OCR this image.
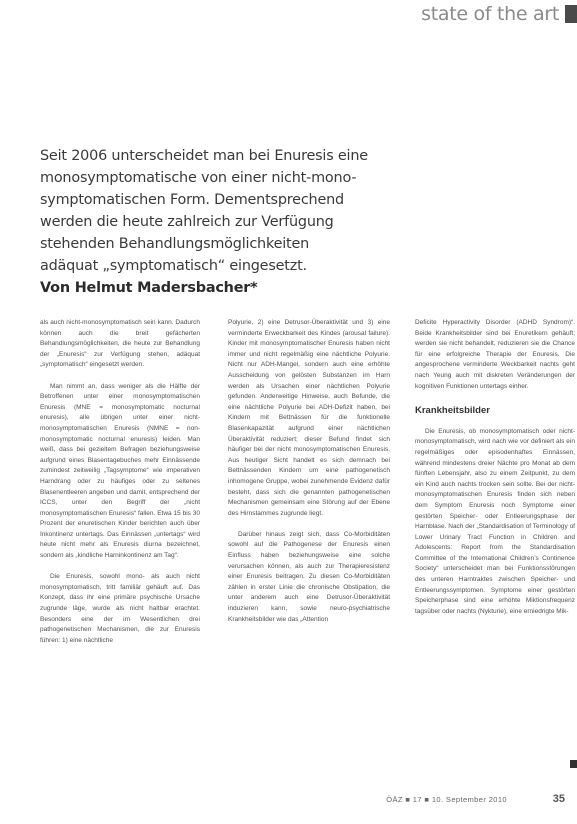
state of the art

Seit 2006 unterscheidet man bei Enuresis eine

monosymptomatische von einer nicht-mono-

symptomatischen Form. Dementsprechend

werden die heute zahlreich zur Verfügung

stehenden Behandlungsmöglichkeiten

adäquat „symptomatisch“ eingesetzt.

Von Helmut Madersbacher*

als auch nicht-monosymptomatisch sein kann. Dadurch können auch die breit gefächerten Behandlungsmöglichkeiten, die heute zur Behandlung der „Enuresis“ zur Verfügung stehen, adäquat „symptomatisch“ eingesetzt werden.

Man nimmt an, dass weniger als die Hälfte der Betroffenen unter einer monosymptomatischen Enuresis (MNE = monosymptomatic nocturnal enuresis), alle übrigen unter einer nicht-monosymptomatischen Enuresis (NMNE = non-monosymptomatic nocturnal enuresis) leiden. Man weiß, dass bei gezieltem Befragen beziehungsweise aufgrund eines Blasentagebuches mehr Einnässende zumindest zeitweilig „Tagsymptome“ wie imperativen Harndrang oder zu häufiges oder zu seltenes Blasenentleeren angeben und damit, entsprechend der ICCS, unter den Begriff der „nicht monosymptomatischen Enuresis“ fallen. Etwa 15 bis 30 Prozent der enuretischen Kinder berichten auch über Inkontinenz untertags. Das Einnässen „untertags“ wird heute nicht mehr als Enuresis diurna bezeichnet, sondern als „kindliche Harninkontinenz am Tag“.

Die Enuresis, sowohl mono- als auch nicht monosymptomatisch, tritt familiär gehäuft auf. Das Konzept, dass ihr eine primäre psychische Ursache zugrunde läge, wurde als nicht haltbar erachtet. Besonders eine der im Wesentlichen drei pathogenetischen Mechanismen, die zur Enuresis führen: 1) eine nächtliche

Polyurie, 2) eine Detrusor-Überaktivität und 3) eine verminderte Erweckbarkeit des Kindes (arousal failure). Kinder mit monosymptomatischer Enuresis haben nicht immer und nicht regelmäßig eine nächtliche Polyurie. Nicht nur ADH-Mangel, sondern auch eine erhöhte Ausscheidung von gelösten Substanzen im Harn werden als Ursachen einer nächtlichen Polyurie gefunden. Anderweitige Hinweise, auch Befunde, die eine nächtliche Polyurie bei ADH-Defizit haben, bei Kindern mit Bettnässen für die funktionelle Blasenkapazität aufgrund einer nächtlichen Überaktivität reduziert; dieser Befund findet sich häufiger bei der nicht monosymptomatischen Enuresis. Aus heutiger Sicht handelt es sich demnach bei Bettnässenden Kindern um eine pathogenetisch inhomogene Gruppe, wobei zunehmende Evidenz dafür besteht, dass sich die genannten pathogenetischen Mechanismen gemeinsam eine Störung auf der Ebene des Hirnstammes zugrunde liegt.

Darüber hinaus zeigt sich, dass Co-Morbiditäten sowohl auf die Pathogenese der Enuresis einen Einfluss haben beziehungsweise eine solche verursachen können, als auch zur Therapieresistenz einer Enuresis beitragen. Zu diesen Co-Morbiditäten zählen in erster Linie die chronische Obstipation, die unter anderem auch eine Detrusor-Überaktivität induzieren kann, sowie neuro-psychiatrische Krankheitsbilder wie das „Attention

Deficite Hyperactivity Disorder (ADHD Syndrom)“. Beide Krankheitsbilder sind bei Enuretikern gehäuft; werden sie nicht behandelt, reduzieren sie die Chance für eine erfolgreiche Therapie der Enuresis. Die angesprochene verminderte Weckbarkeit nachts geht nach Yeung auch mit diskreten Veränderungen der kognitiven Funktionen untertags einher.

Krankheitsbilder

Die Enuresis, ob monosymptomatisch oder nicht-monosymptomatisch, wird nach wie vor definiert als ein regelmäßiges oder episodenhaftes Einnässen, während mindestens dreier Nächte pro Monat ab dem fünften Lebensjahr, also zu einem Zeitpunkt, zu dem ein Kind auch nachts trocken sein sollte. Bei der nicht-monosymptomatischen Enuresis finden sich neben dem Symptom Enuresis noch Symptome einer gestörten Speicher- oder Entleerungsphase der Harnblase. Nach der „Standardisation of Terminology of Lower Urinary Tract Function in Children and Adolescents: Report from the Standardisation Committee of the International Children’s Continence Society“ unterscheidet man bei Funktionsstörungen des unteren Harntraktes zwischen Speicher- und Entleerungssymptomen. Symptome einer gestörten Speicherphase sind eine erhöhte Miktionsfrequenz tagsüber oder nachts (Nykturie), eine erniedrigte Mik-

ÖÄZ ■ 17 ■ 10. September 2010	35
